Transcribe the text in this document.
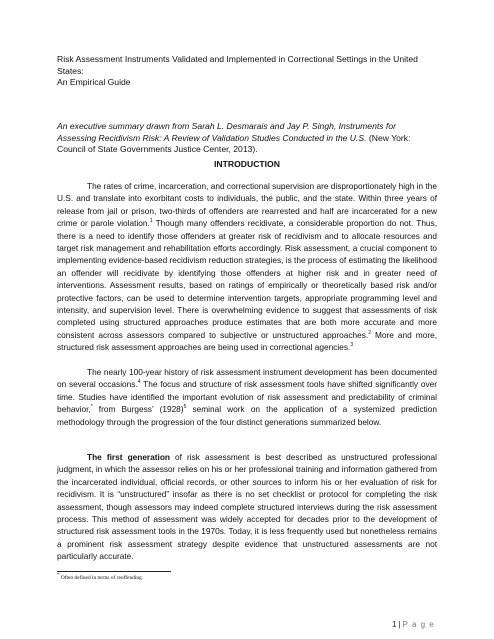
Risk Assessment Instruments Validated and Implemented in Correctional Settings in the United
States:

An Empirical Guide

An executive summary drawn from Sarah L. Desmarais and Jay P. Singh, Instruments for Assessing Recidivism Risk: A Review of Validation Studies Conducted in the U.S. (New York: Council of State Governments Justice Center, 2013).

INTRODUCTION

The rates of crime, incarceration, and correctional supervision are disproportionately high in the U.S. and translate into exorbitant costs to individuals, the public, and the state. Within three years of release from jail or prison, two-thirds of offenders are rearrested and half are incarcerated for a new crime or parole violation.$^1$ Though many offenders recidivate, a considerable proportion do not. Thus, there is a need to identify those offenders at greater risk of recidivism and to allocate resources and target risk management and rehabilitation efforts accordingly. Risk assessment, a crucial component to implementing evidence-based recidivism reduction strategies, is the process of estimating the likelihood an offender will recidivate by identifying those offenders at higher risk and in greater need of interventions. Assessment results, based on ratings of empirically or theoretically based risk and/or protective factors, can be used to determine intervention targets, appropriate programming level and intensity, and supervision level. There is overwhelming evidence to suggest that assessments of risk completed using structured approaches produce estimates that are both more accurate and more consistent across assessors compared to subjective or unstructured approaches.$^2$ More and more, structured risk assessment approaches are being used in correctional agencies.$^3$

The nearly 100-year history of risk assessment instrument development has been documented on several occasions.$^4$ The focus and structure of risk assessment tools have shifted significantly over time. Studies have identified the important evolution of risk assessment and predictability of criminal behavior,* from Burgess’ $(1928)^5$ seminal work on the application of a systemized prediction methodology through the progression of the four distinct generations summarized below.

The first generation of risk assessment is best described as unstructured professional judgment, in which the assessor relies on his or her professional training and information gathered from the incarcerated individual, official records, or other sources to inform his or her evaluation of risk for recidivism. It is “unstructured” insofar as there is no set checklist or protocol for completing the risk assessment, though assessors may indeed complete structured interviews during the risk assessment process. This method of assessment was widely accepted for decades prior to the development of structured risk assessment tools in the 1970s. Today, it is less frequently used but nonetheless remains a prominent risk assessment strategy despite evidence that unstructured assessments are not particularly accurate.

* Often defined in terms of reoffending.

1 | P a g e
